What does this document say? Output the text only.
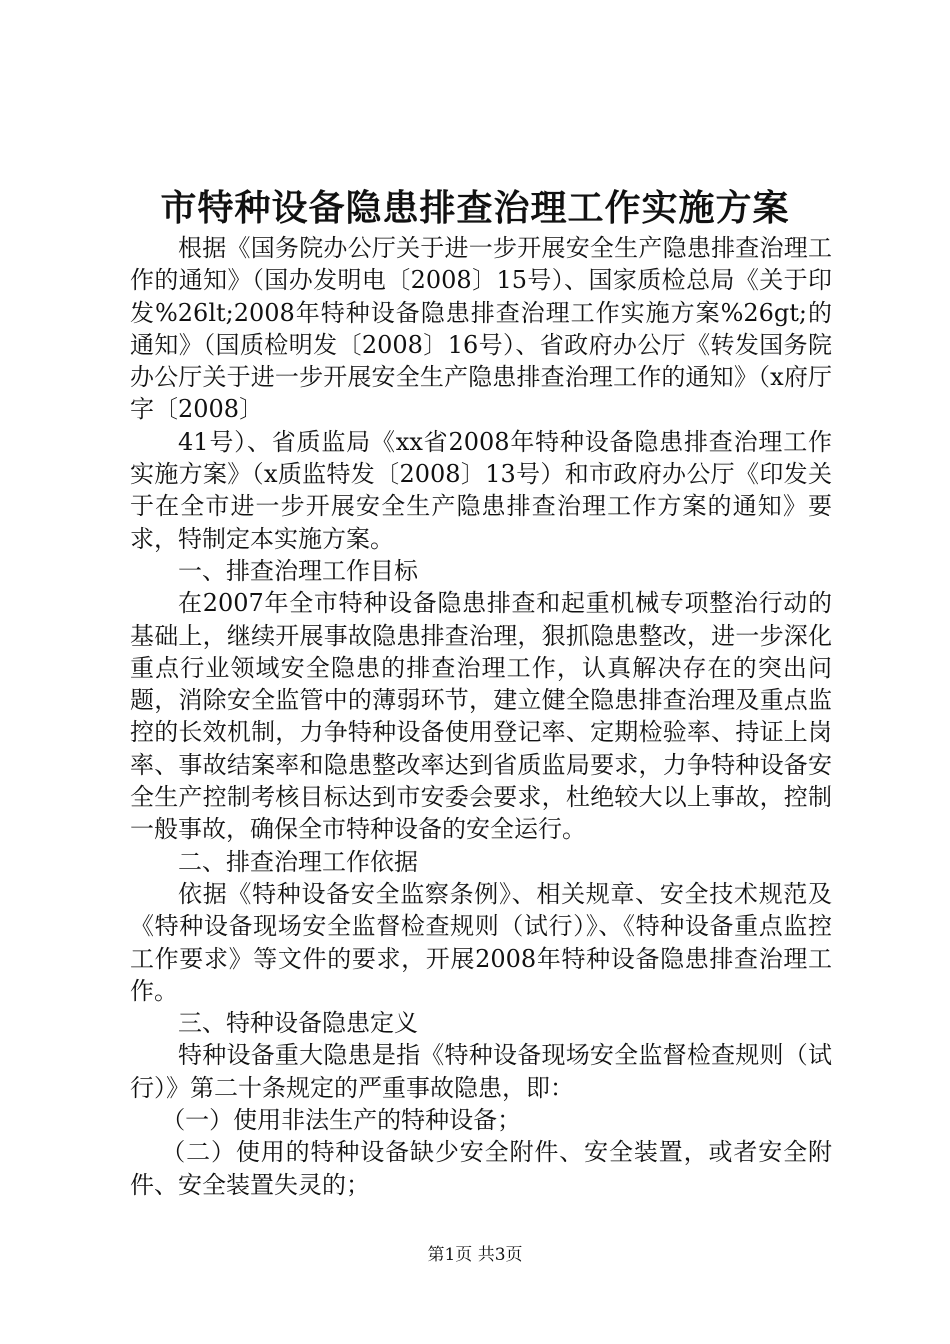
市特种设备隐患排查治理工作实施方案

根据《国务院办公厅关于进一步开展安全生产隐患排查治理工作的通知》（国办发明电〔2008〕15号）、国家质检总局《关于印发%26lt;2008年特种设备隐患排查治理工作实施方案%26gt;的通知》（国质检明发〔2008〕16号）、省政府办公厅《转发国务院办公厅关于进一步开展安全生产隐患排查治理工作的通知》（x府厅字〔2008〕

41号）、省质监局《xx省2008年特种设备隐患排查治理工作实施方案》（x质监特发〔2008〕13号）和市政府办公厅《印发关于在全市进一步开展安全生产隐患排查治理工作方案的通知》要求，特制定本实施方案。

一、排查治理工作目标

在2007年全市特种设备隐患排查和起重机械专项整治行动的基础上，继续开展事故隐患排查治理，狠抓隐患整改，进一步深化重点行业领域安全隐患的排查治理工作，认真解决存在的突出问题，消除安全监管中的薄弱环节，建立健全隐患排查治理及重点监控的长效机制，力争特种设备使用登记率、定期检验率、持证上岗率、事故结案率和隐患整改率达到省质监局要求，力争特种设备安全生产控制考核目标达到市安委会要求，杜绝较大以上事故，控制一般事故，确保全市特种设备的安全运行。

二、排查治理工作依据

依据《特种设备安全监察条例》、相关规章、安全技术规范及《特种设备现场安全监督检查规则（试行）》、《特种设备重点监控工作要求》等文件的要求，开展2008年特种设备隐患排查治理工作。

三、特种设备隐患定义

特种设备重大隐患是指《特种设备现场安全监督检查规则（试行）》第二十条规定的严重事故隐患，即：

（一）使用非法生产的特种设备；

（二）使用的特种设备缺少安全附件、安全装置，或者安全附件、安全装置失灵的；

第1页 共3页
